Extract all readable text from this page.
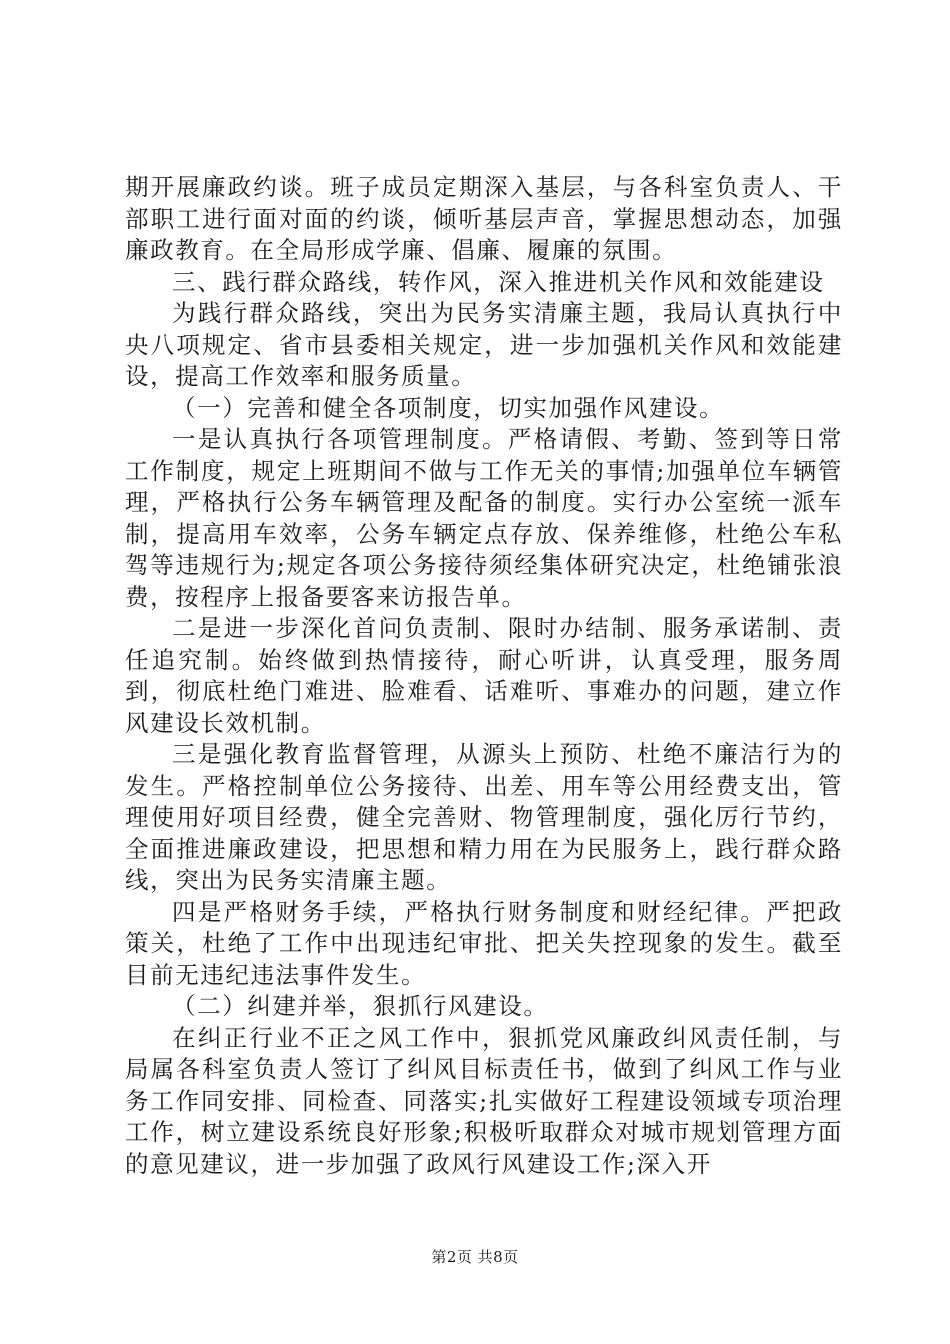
期开展廉政约谈。班子成员定期深入基层，与各科室负责人、干部职工进行面对面的约谈，倾听基层声音，掌握思想动态，加强廉政教育。在全局形成学廉、倡廉、履廉的氛围。

三、践行群众路线，转作风，深入推进机关作风和效能建设

为践行群众路线，突出为民务实清廉主题，我局认真执行中央八项规定、省市县委相关规定，进一步加强机关作风和效能建设，提高工作效率和服务质量。

（一）完善和健全各项制度，切实加强作风建设。

一是认真执行各项管理制度。严格请假、考勤、签到等日常工作制度，规定上班期间不做与工作无关的事情;加强单位车辆管理，严格执行公务车辆管理及配备的制度。实行办公室统一派车制，提高用车效率，公务车辆定点存放、保养维修，杜绝公车私驾等违规行为;规定各项公务接待须经集体研究决定，杜绝铺张浪费，按程序上报备要客来访报告单。

二是进一步深化首问负责制、限时办结制、服务承诺制、责任追究制。始终做到热情接待，耐心听讲，认真受理，服务周到，彻底杜绝门难进、脸难看、话难听、事难办的问题，建立作风建设长效机制。

三是强化教育监督管理，从源头上预防、杜绝不廉洁行为的发生。严格控制单位公务接待、出差、用车等公用经费支出，管理使用好项目经费，健全完善财、物管理制度，强化厉行节约，全面推进廉政建设，把思想和精力用在为民服务上，践行群众路线，突出为民务实清廉主题。

四是严格财务手续，严格执行财务制度和财经纪律。严把政策关，杜绝了工作中出现违纪审批、把关失控现象的发生。截至目前无违纪违法事件发生。

（二）纠建并举，狠抓行风建设。

在纠正行业不正之风工作中，狠抓党风廉政纠风责任制，与局属各科室负责人签订了纠风目标责任书，做到了纠风工作与业务工作同安排、同检查、同落实;扎实做好工程建设领域专项治理工作，树立建设系统良好形象;积极听取群众对城市规划管理方面的意见建议，进一步加强了政风行风建设工作;深入开

第2页 共8页
